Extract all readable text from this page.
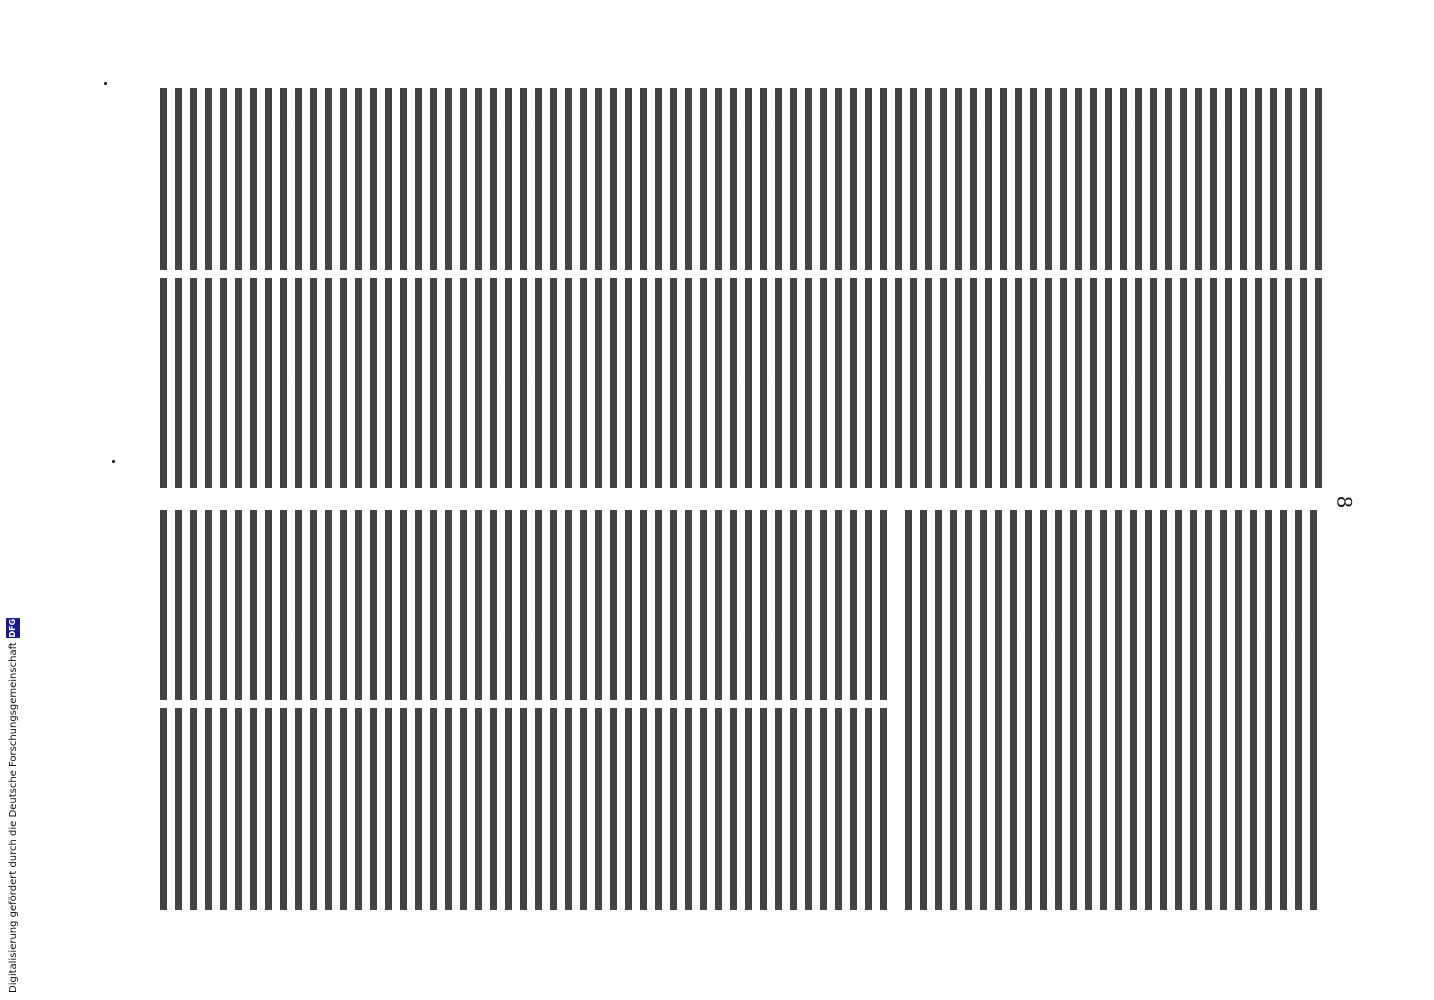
8
Digitalisierung gefördert durch die Deutsche Forschungsgemeinschaft
DFG
